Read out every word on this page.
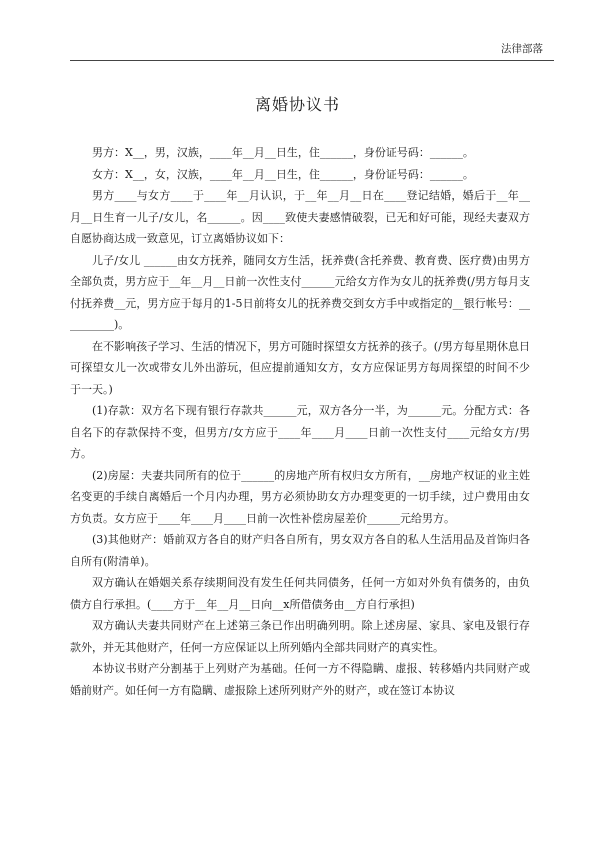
法律部落
离婚协议书

男方：X__，男，汉族，____年__月__日生，住______，身份证号码：______。

女方：X__，女，汉族，____年__月__日生，住______，身份证号码：______。

男方____与女方____于____年__月认识，于__年__月__日在____登记结婚，婚后于__年__月__日生育一儿子/女儿，名______。因____致使夫妻感情破裂，已无和好可能，现经夫妻双方自愿协商达成一致意见，订立离婚协议如下：

儿子/女儿 ______由女方抚养，随同女方生活，抚养费(含托养费、教育费、医疗费)由男方全部负责，男方应于__年__月__日前一次性支付______元给女方作为女儿的抚养费(/男方每月支付抚养费__元，男方应于每月的1-5日前将女儿的抚养费交到女方手中或指定的__银行帐号：__________)。

在不影响孩子学习、生活的情况下，男方可随时探望女方抚养的孩子。(/男方每星期休息日可探望女儿一次或带女儿外出游玩，但应提前通知女方，女方应保证男方每周探望的时间不少于一天。)

(1)存款：双方名下现有银行存款共______元，双方各分一半，为______元。分配方式：各自名下的存款保持不变，但男方/女方应于____年____月____日前一次性支付____元给女方/男方。

(2)房屋：夫妻共同所有的位于______的房地产所有权归女方所有，__房地产权证的业主姓名变更的手续自离婚后一个月内办理，男方必须协助女方办理变更的一切手续，过户费用由女方负责。女方应于____年____月____日前一次性补偿房屋差价______元给男方。

(3)其他财产：婚前双方各自的财产归各自所有，男女双方各自的私人生活用品及首饰归各自所有(附清单)。

双方确认在婚姻关系存续期间没有发生任何共同债务，任何一方如对外负有债务的，由负债方自行承担。(____方于__年__月__日向__x所借债务由__方自行承担)

双方确认夫妻共同财产在上述第三条已作出明确列明。除上述房屋、家具、家电及银行存款外，并无其他财产，任何一方应保证以上所列婚内全部共同财产的真实性。

本协议书财产分割基于上列财产为基础。任何一方不得隐瞒、虚报、转移婚内共同财产或婚前财产。如任何一方有隐瞒、虚报除上述所列财产外的财产，或在签订本协议
